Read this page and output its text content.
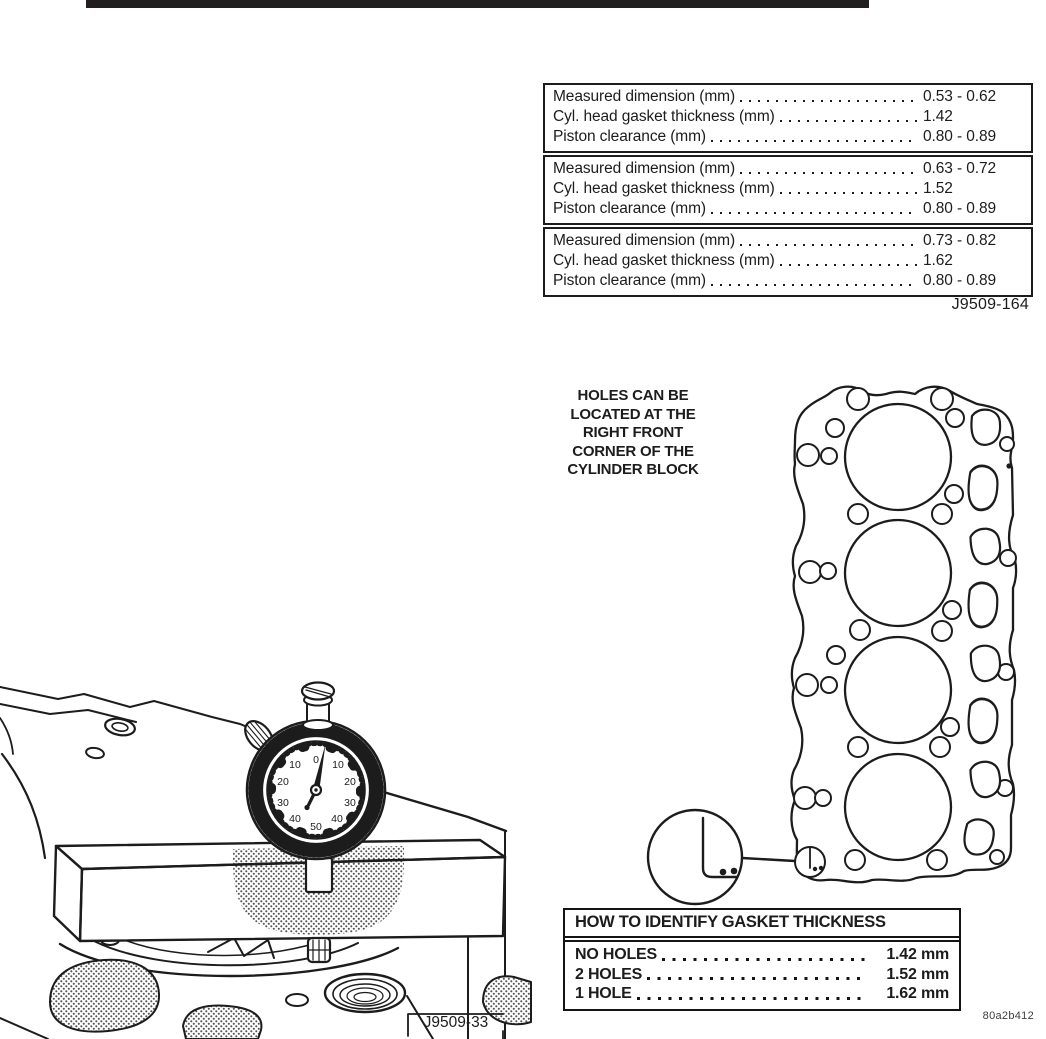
Measured dimension (mm)	0.53 - 0.62
Cyl. head gasket thickness (mm)	1.42
Piston clearance (mm)	0.80 - 0.89
Measured dimension (mm)	0.63 - 0.72
Cyl. head gasket thickness (mm)	1.52
Piston clearance (mm)	0.80 - 0.89
Measured dimension (mm)	0.73 - 0.82
Cyl. head gasket thickness (mm)	1.62
Piston clearance (mm)	0.80 - 0.89
J9509-164
HOLES CAN BE
LOCATED AT THE
RIGHT FRONT
CORNER OF THE
CYLINDER BLOCK
HOW TO IDENTIFY GASKET THICKNESS
NO HOLES	1.42 mm
2 HOLES	1.52 mm
1 HOLE	1.62 mm
80a2b412
0 10
20
30
40
50
40
30
20
10
J9509-33
